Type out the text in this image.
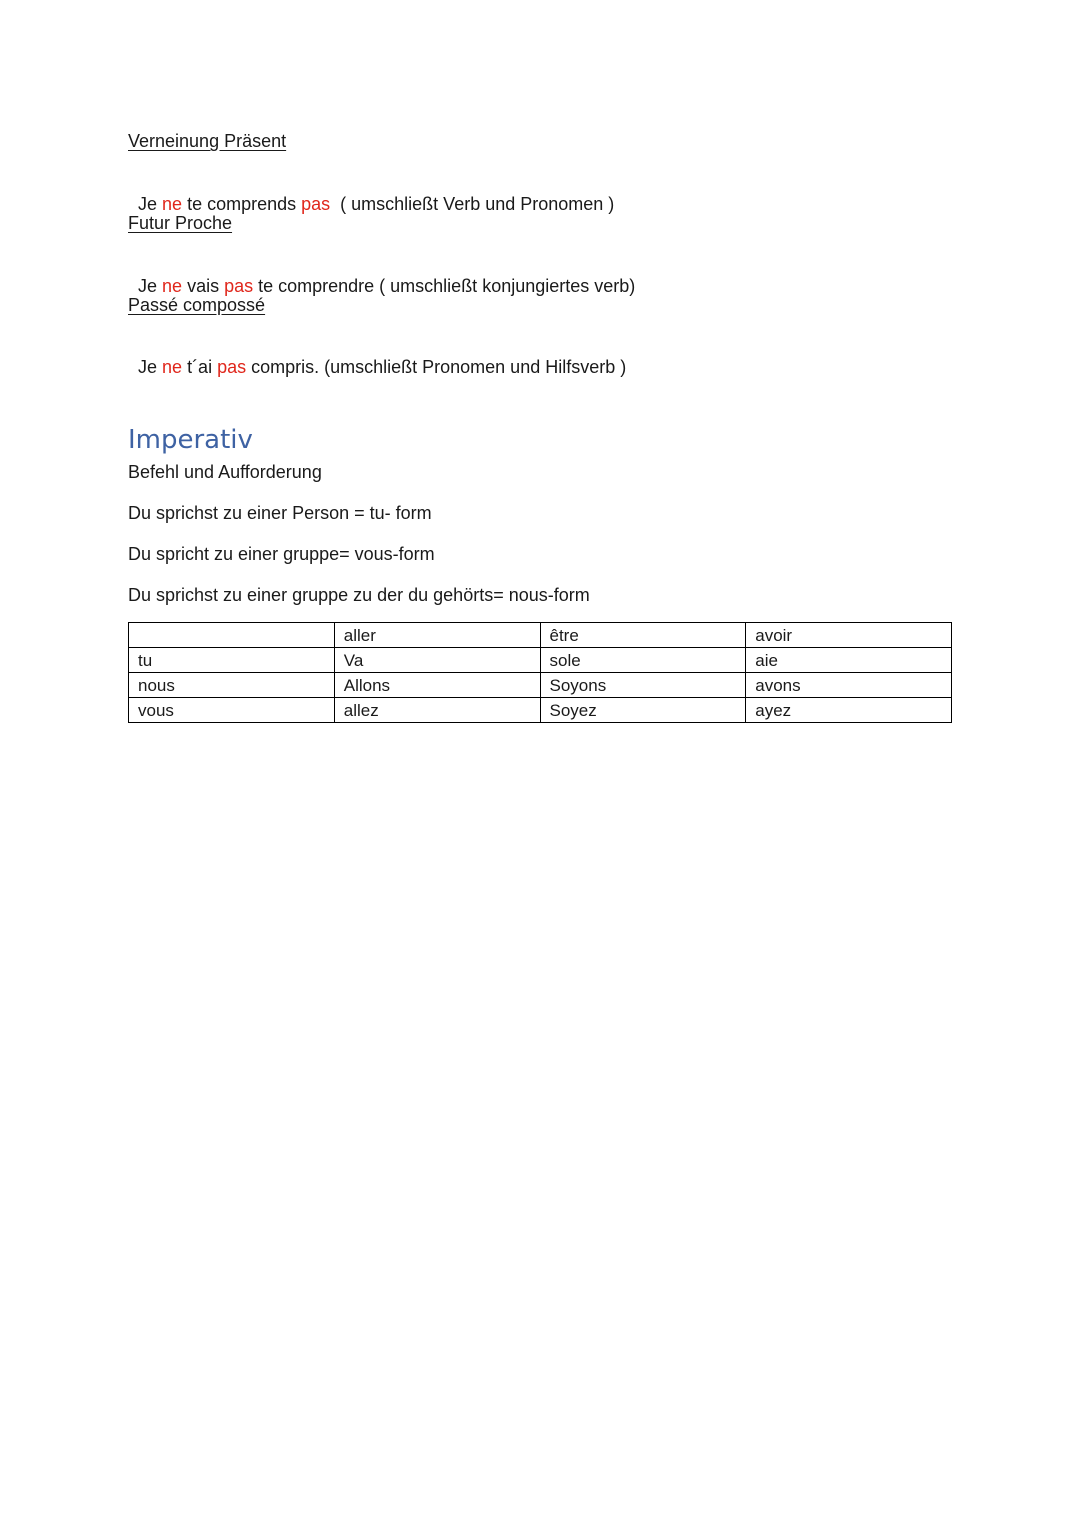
Verneinung Präsent

Je ne te comprends pas  ( umschließt Verb und Pronomen )

Futur Proche

Je ne vais pas te comprendre ( umschließt konjungiertes verb)

Passé compossé

Je ne t´ai pas compris. (umschließt Pronomen und Hilfsverb )

Imperativ
Befehl und Aufforderung
Du sprichst zu einer Person = tu- form
Du spricht zu einer gruppe= vous-form
Du sprichst zu einer gruppe zu der du gehörts= nous-form
	aller	être	avoir
tu	Va	sole	aie
nous	Allons	Soyons	avons
vous	allez	Soyez	ayez
